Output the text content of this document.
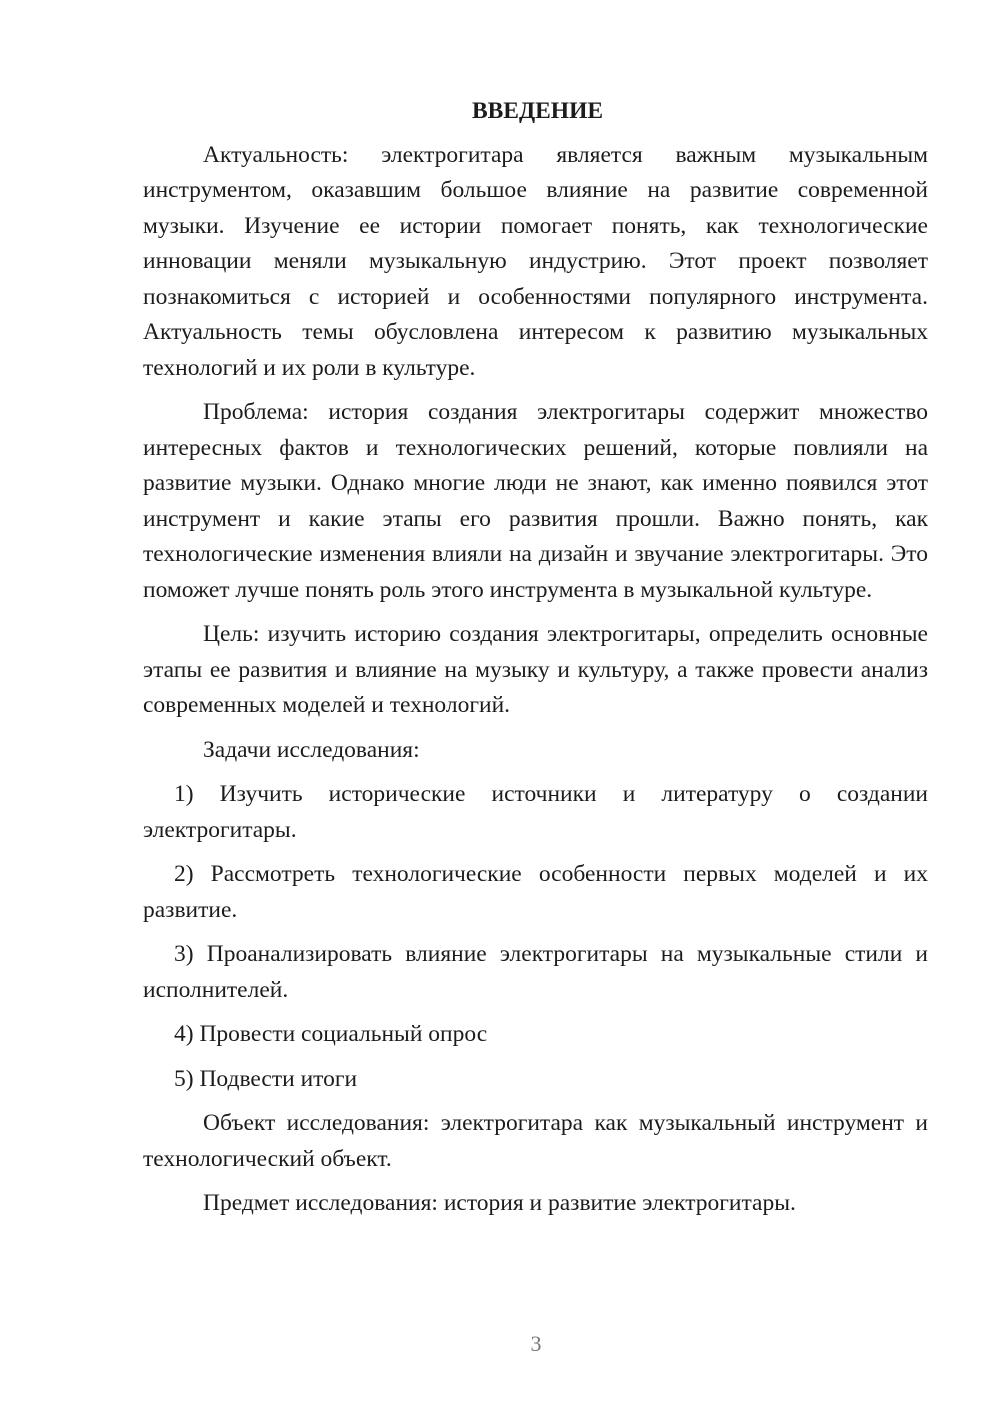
ВВЕДЕНИЕ

Актуальность: электрогитара является важным музыкальным инструментом, оказавшим большое влияние на развитие современной музыки. Изучение ее истории помогает понять, как технологические инновации меняли музыкальную индустрию. Этот проект позволяет познакомиться с историей и особенностями популярного инструмента. Актуальность темы обусловлена интересом к развитию музыкальных технологий и их роли в культуре.

Проблема: история создания электрогитары содержит множество интересных фактов и технологических решений, которые повлияли на развитие музыки. Однако многие люди не знают, как именно появился этот инструмент и какие этапы его развития прошли. Важно понять, как технологические изменения влияли на дизайн и звучание электрогитары. Это поможет лучше понять роль этого инструмента в музыкальной культуре.

Цель: изучить историю создания электрогитары, определить основные этапы ее развития и влияние на музыку и культуру, а также провести анализ современных моделей и технологий.

Задачи исследования:

1) Изучить исторические источники и литературу о создании электрогитары.

2) Рассмотреть технологические особенности первых моделей и их развитие.

3) Проанализировать влияние электрогитары на музыкальные стили и исполнителей.

4) Провести социальный опрос

5) Подвести итоги

Объект исследования: электрогитара как музыкальный инструмент и технологический объект.

Предмет исследования: история и развитие электрогитары.

3
